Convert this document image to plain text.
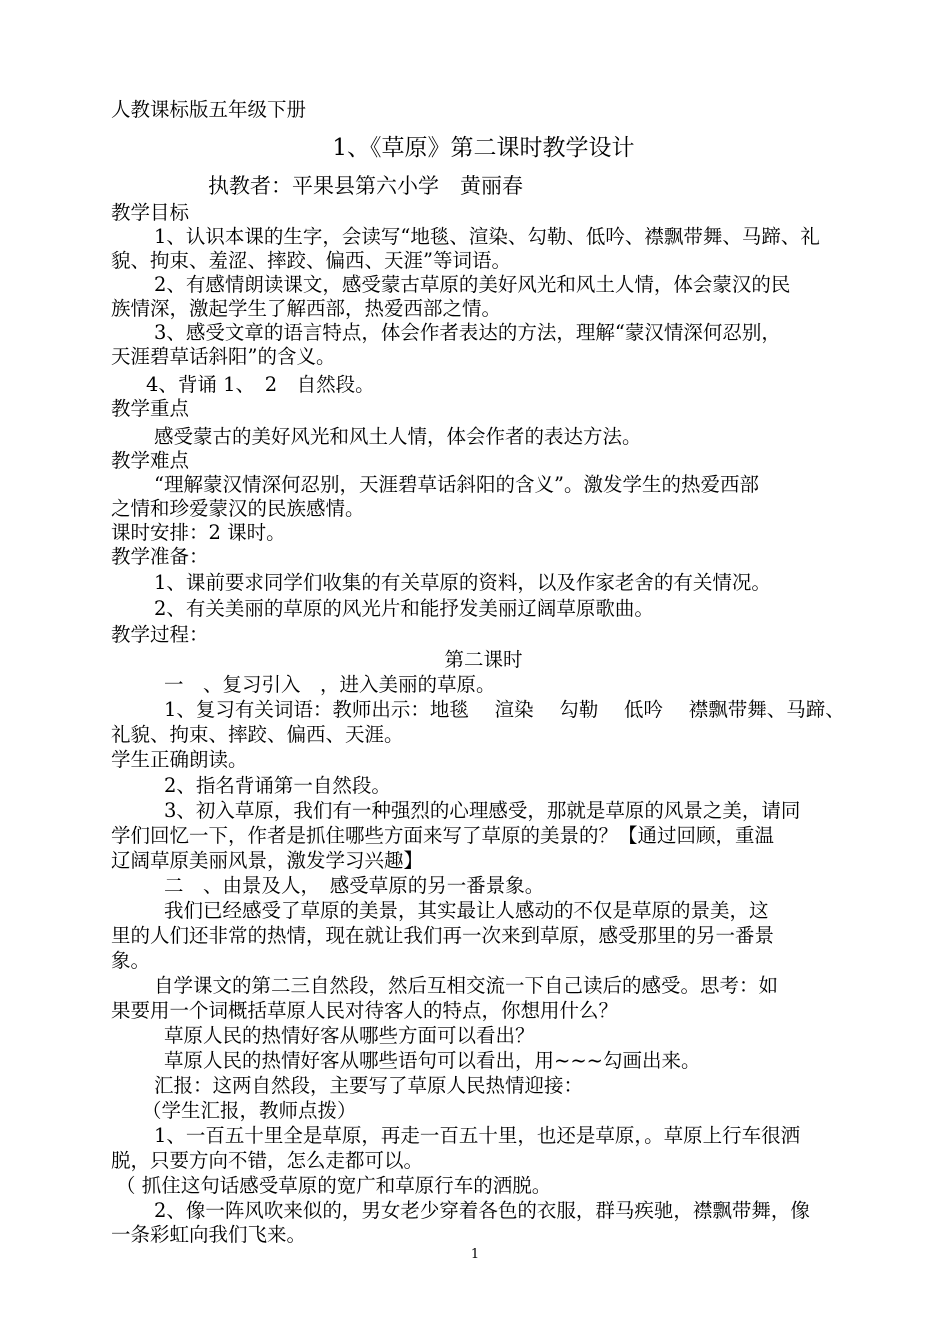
人教课标版五年级下册
1、《草原》第二课时教学设计
执教者：平果县第六小学　黄丽春
教学目标
1、认识本课的生字，会读写“地毯、渲染、勾勒、低吟、襟飘带舞、马蹄、礼
貌、拘束、羞涩、摔跤、偏西、天涯”等词语。
2、有感情朗读课文，感受蒙古草原的美好风光和风土人情，体会蒙汉的民
族情深，激起学生了解西部，热爱西部之情。
3、感受文章的语言特点，体会作者表达的方法，理解“蒙汉情深何忍别，
天涯碧草话斜阳”的含义。
4、背诵 1、　2　自然段。
教学重点
感受蒙古的美好风光和风土人情，体会作者的表达方法。
教学难点
“理解蒙汉情深何忍别，天涯碧草话斜阳的含义”。激发学生的热爱西部
之情和珍爱蒙汉的民族感情。
课时安排：2 课时。
教学准备：
1、课前要求同学们收集的有关草原的资料，以及作家老舍的有关情况。
2、有关美丽的草原的风光片和能抒发美丽辽阔草原歌曲。
教学过程：
第二课时
一　、复习引入　，进入美丽的草原。
1、复习有关词语：教师出示：地毯　 渲染　 勾勒　 低吟　 襟飘带舞、马蹄、
礼貌、拘束、摔跤、偏西、天涯。
学生正确朗读。
2、指名背诵第一自然段。
3、初入草原，我们有一种强烈的心理感受，那就是草原的风景之美，请同
学们回忆一下，作者是抓住哪些方面来写了草原的美景的？【通过回顾，重温
辽阔草原美丽风景，激发学习兴趣】
二　、由景及人，　感受草原的另一番景象。
我们已经感受了草原的美景，其实最让人感动的不仅是草原的景美，这
里的人们还非常的热情，现在就让我们再一次来到草原，感受那里的另一番景
象。
自学课文的第二三自然段，然后互相交流一下自己读后的感受。思考：如
果要用一个词概括草原人民对待客人的特点，你想用什么？
草原人民的热情好客从哪些方面可以看出？
草原人民的热情好客从哪些语句可以看出，用~~~勾画出来。
汇报：这两自然段，主要写了草原人民热情迎接：
（学生汇报，教师点拨）
1、一百五十里全是草原，再走一百五十里，也还是草原，。草原上行车很洒
脱，只要方向不错，怎么走都可以。
（ 抓住这句话感受草原的宽广和草原行车的洒脱。
2、像一阵风吹来似的，男女老少穿着各色的衣服，群马疾驰，襟飘带舞，像
一条彩虹向我们飞来。
1
